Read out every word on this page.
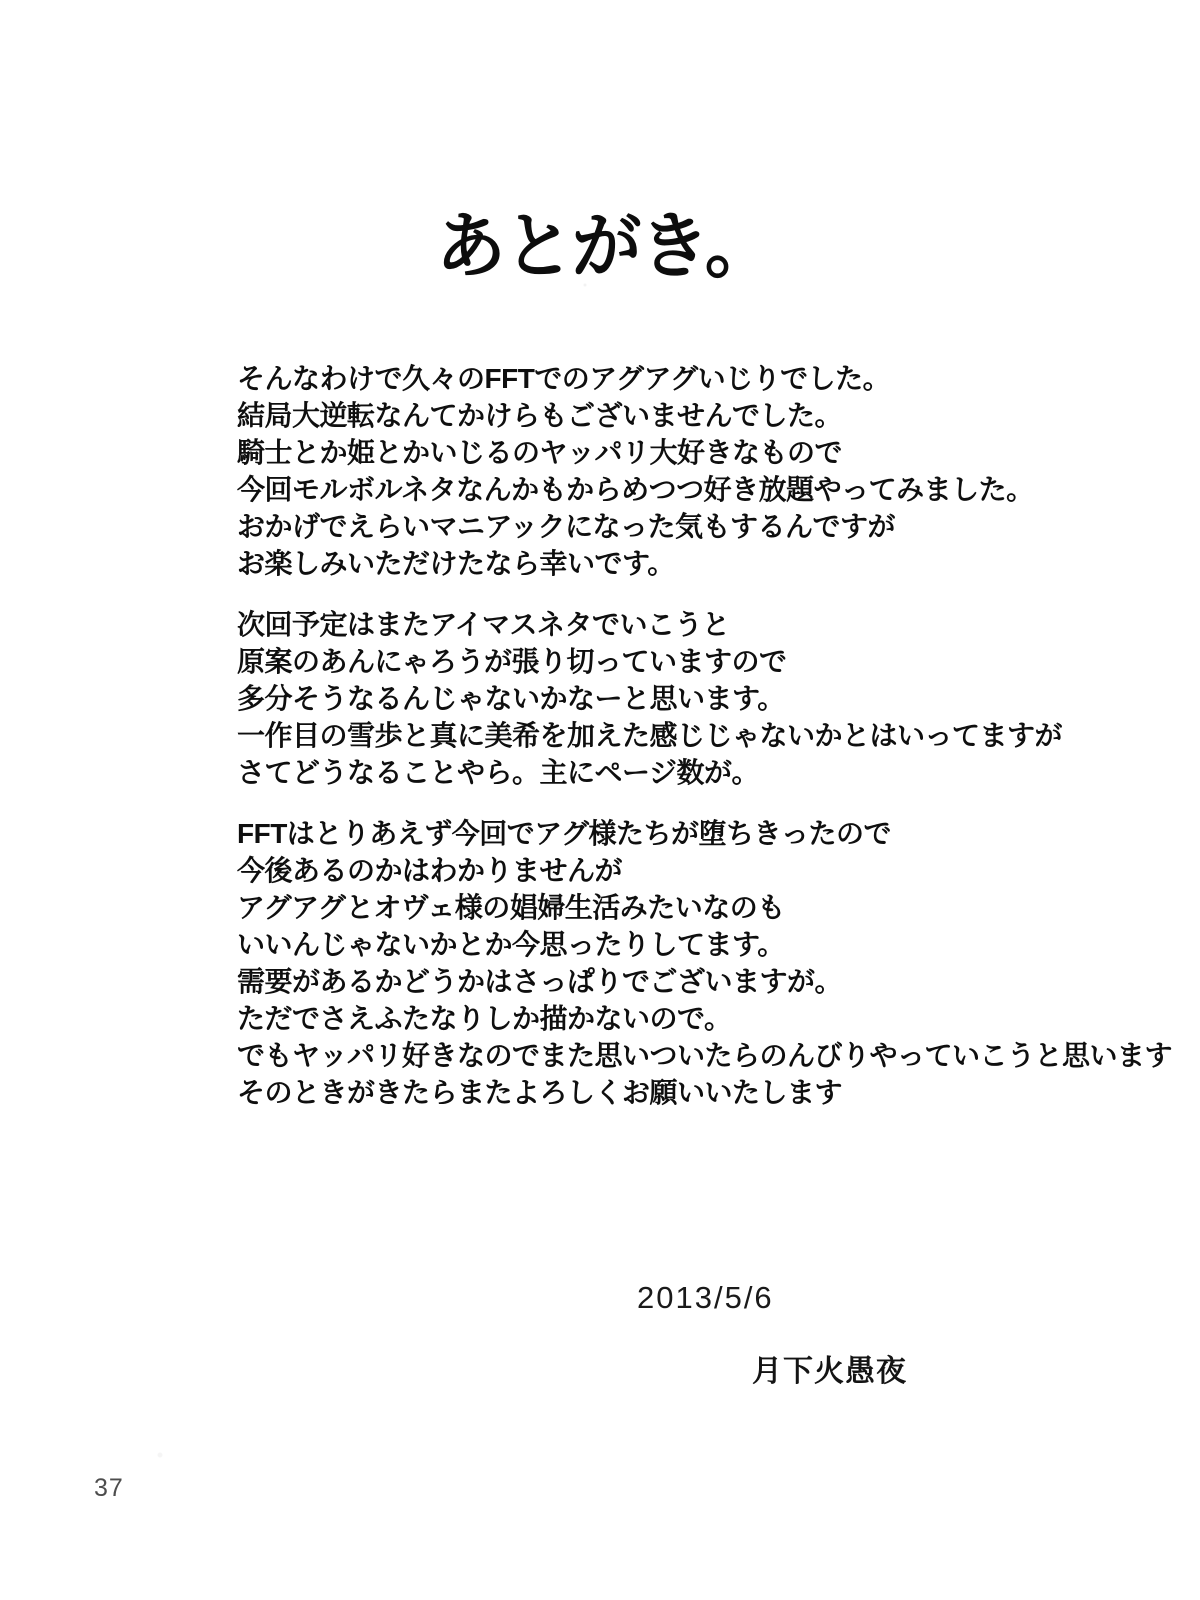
あとがき。

そんなわけで久々のFFTでのアグアグいじりでした。
結局大逆転なんてかけらもございませんでした。
騎士とか姫とかいじるのヤッパリ大好きなもので
今回モルボルネタなんかもからめつつ好き放題やってみました。
おかげでえらいマニアックになった気もするんですが
お楽しみいただけたなら幸いです。

次回予定はまたアイマスネタでいこうと
原案のあんにゃろうが張り切っていますので
多分そうなるんじゃないかなーと思います。
一作目の雪歩と真に美希を加えた感じじゃないかとはいってますが
さてどうなることやら。主にページ数が。

FFTはとりあえず今回でアグ様たちが堕ちきったので
今後あるのかはわかりませんが
アグアグとオヴェ様の娼婦生活みたいなのも
いいんじゃないかとか今思ったりしてます。
需要があるかどうかはさっぱりでございますが。
ただでさえふたなりしか描かないので。
でもヤッパリ好きなのでまた思いついたらのんびりやっていこうと思います
そのときがきたらまたよろしくお願いいたします

2013/5/6
月下火愚夜
37
